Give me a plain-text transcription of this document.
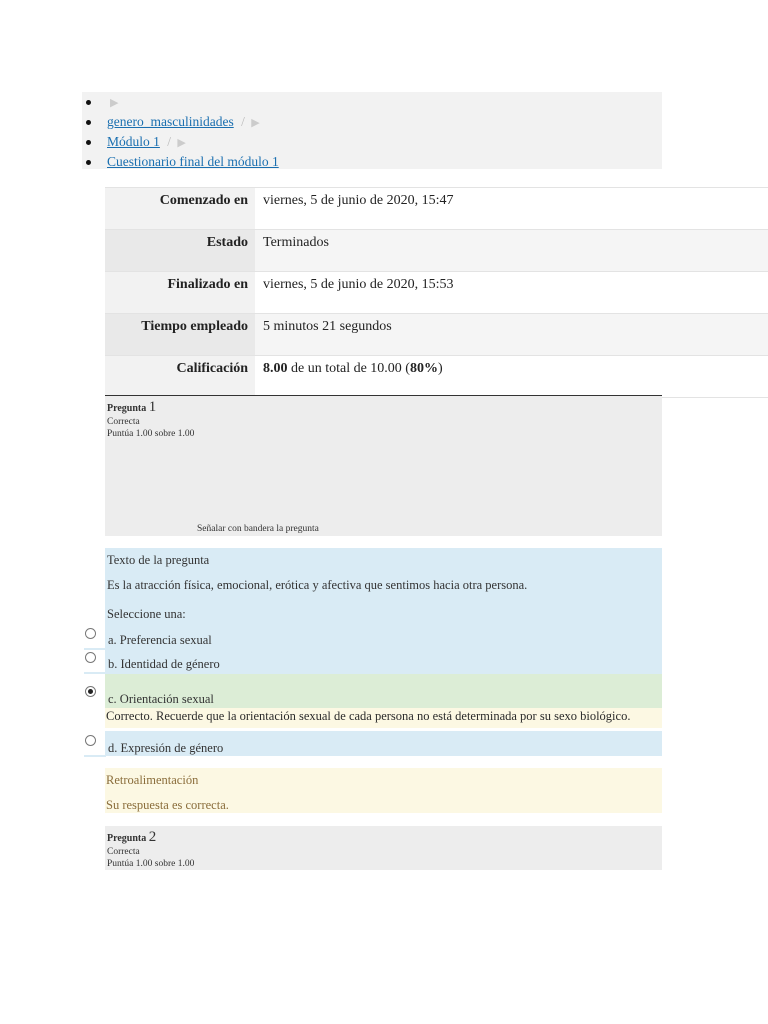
▶
genero_masculinidades / ▶
Módulo 1 / ▶
Cuestionario final del módulo 1
Comenzado en	viernes, 5 de junio de 2020, 15:47
Estado	Terminados
Finalizado en	viernes, 5 de junio de 2020, 15:53
Tiempo empleado	5 minutos 21 segundos
Calificación	8.00 de un total de 10.00 (80%)
Pregunta 1
Correcta
Puntúa 1.00 sobre 1.00
Señalar con bandera la pregunta
Texto de la pregunta
Es la atracción física, emocional, erótica y afectiva que sentimos hacia otra persona.
Seleccione una:
a. Preferencia sexual
b. Identidad de género
c. Orientación sexual
Correcto. Recuerde que la orientación sexual de cada persona no está determinada por su sexo biológico.
d. Expresión de género
Retroalimentación
Su respuesta es correcta.
Pregunta 2
Correcta
Puntúa 1.00 sobre 1.00
